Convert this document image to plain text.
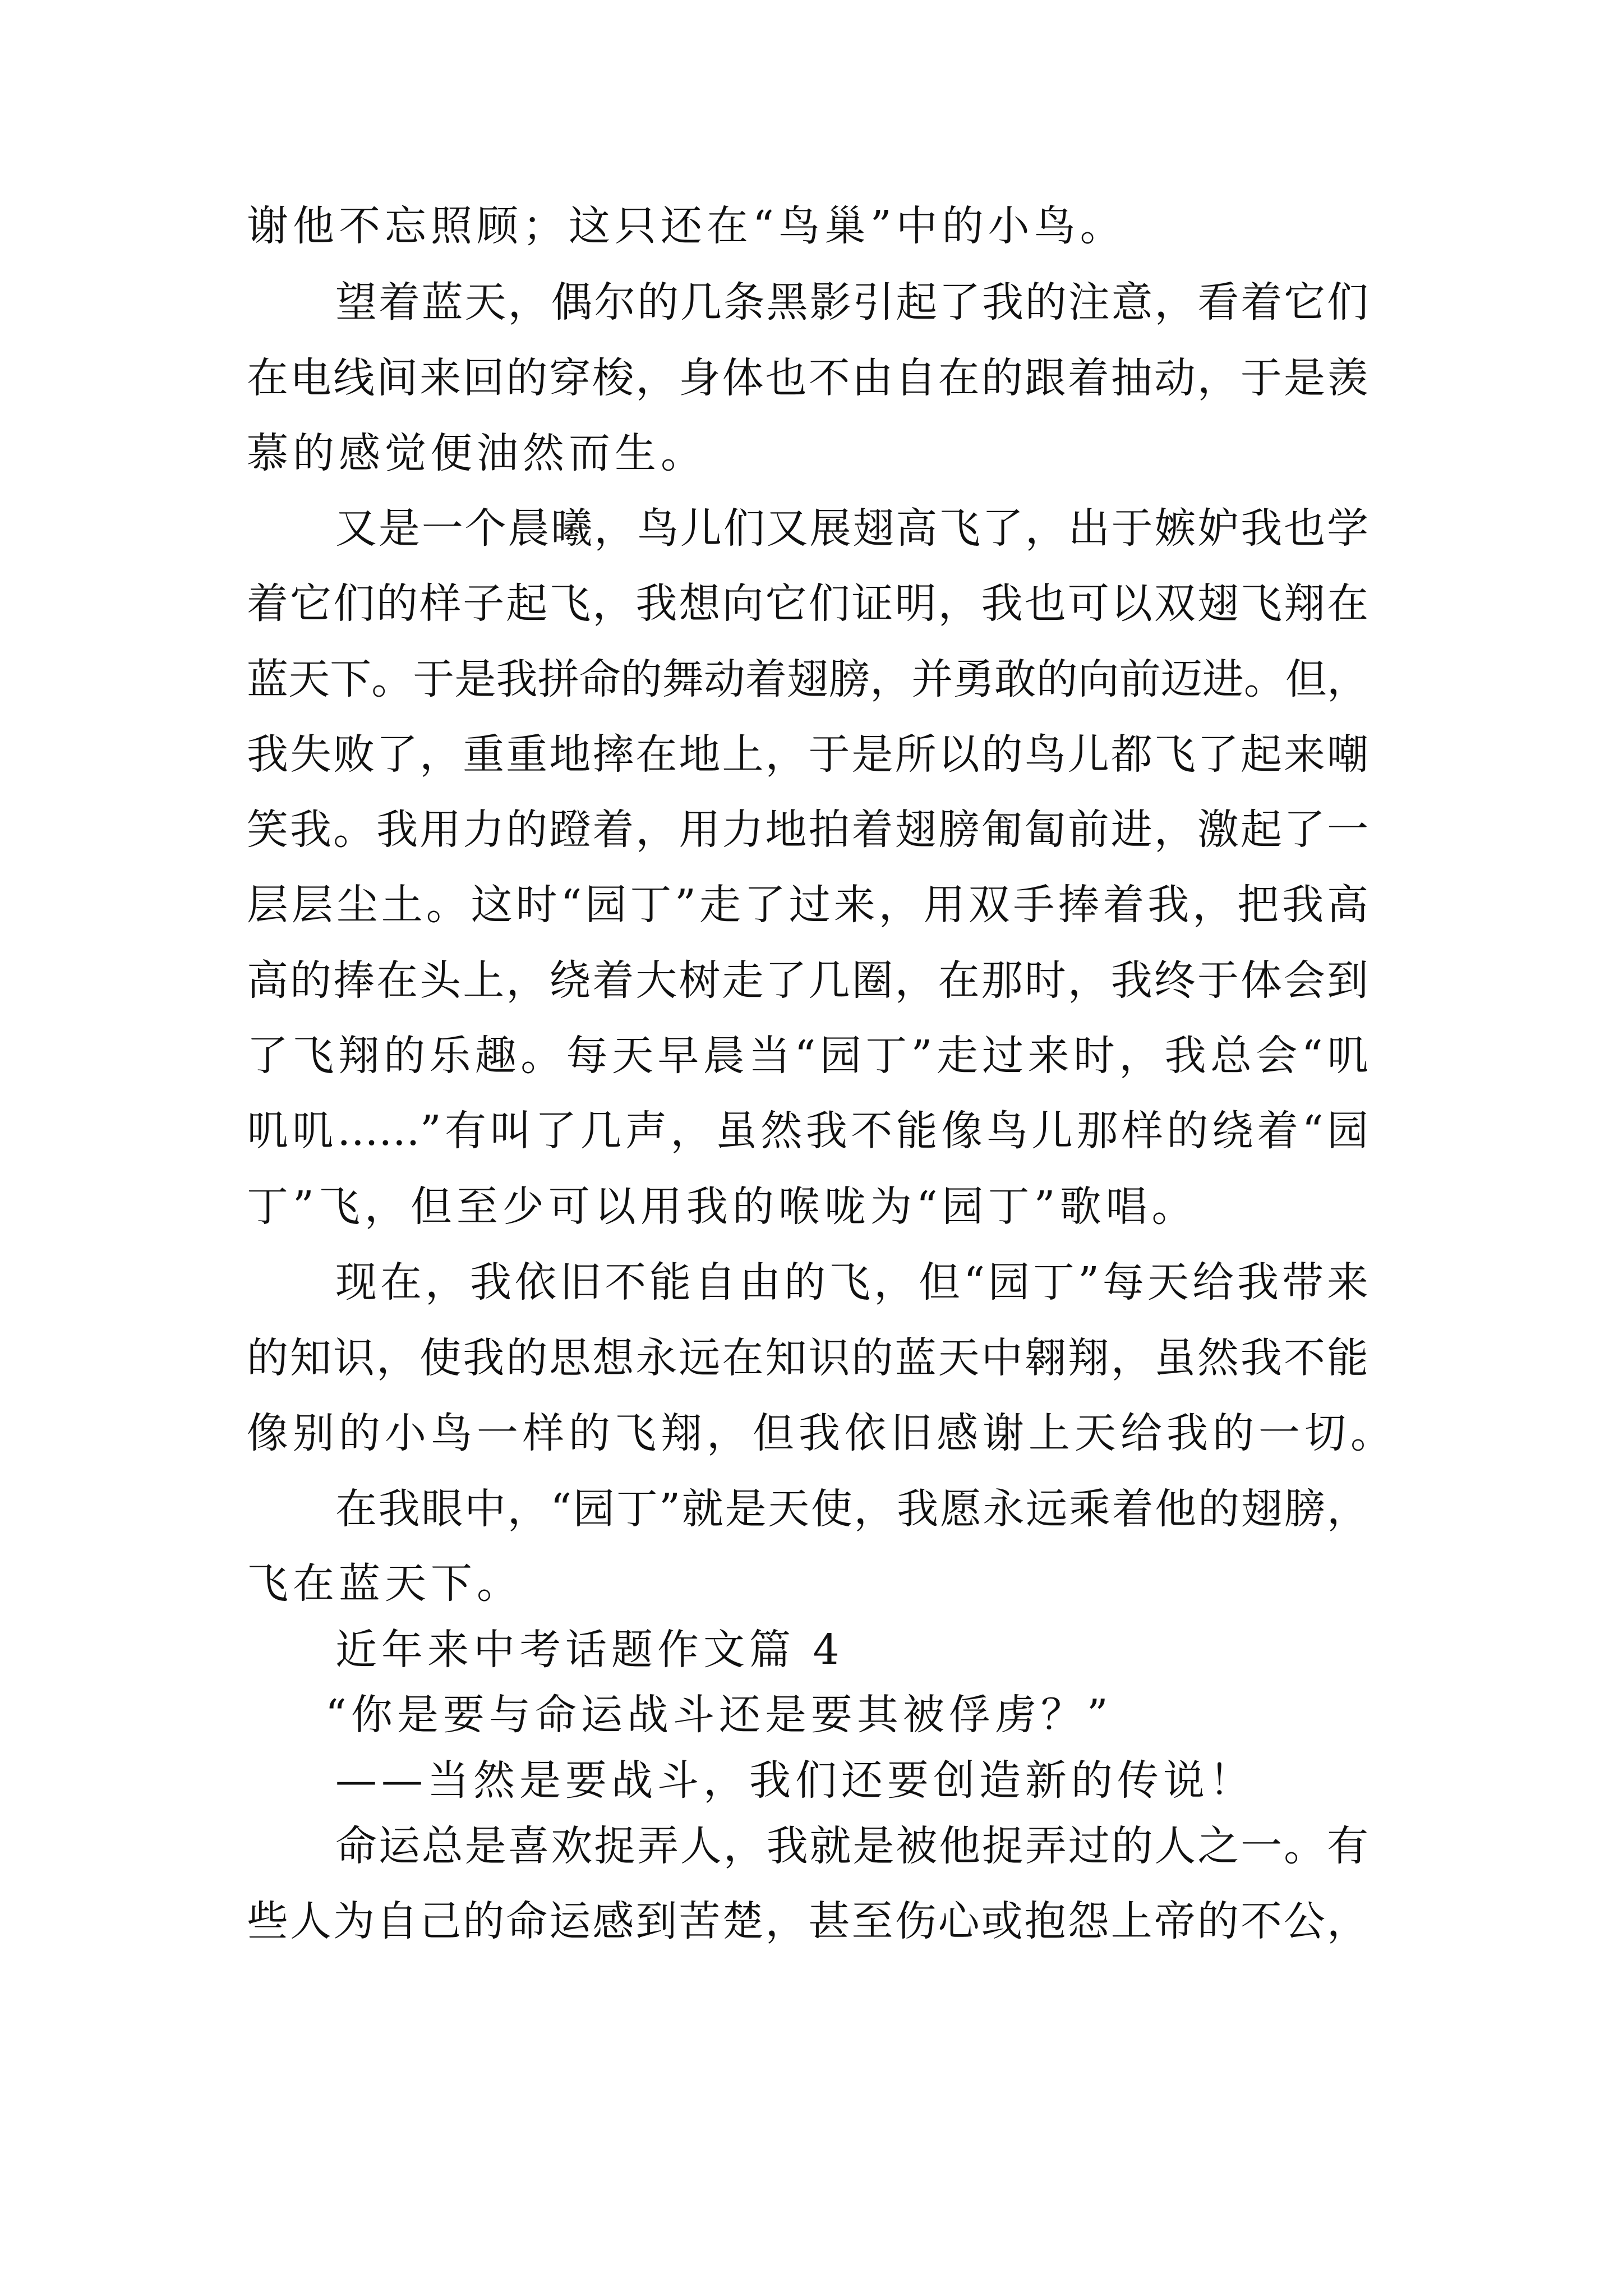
谢他不忘照顾；这只还在“鸟巢”中的小鸟。
望着蓝天，偶尔的几条黑影引起了我的注意，看着它们
在电线间来回的穿梭，身体也不由自在的跟着抽动，于是羡
慕的感觉便油然而生。
又是一个晨曦，鸟儿们又展翅高飞了，出于嫉妒我也学
着它们的样子起飞，我想向它们证明，我也可以双翅飞翔在
蓝天下。于是我拼命的舞动着翅膀，并勇敢的向前迈进。但，
我失败了，重重地摔在地上，于是所以的鸟儿都飞了起来嘲
笑我。我用力的蹬着，用力地拍着翅膀匍匐前进，激起了一
层层尘土。这时“园丁”走了过来，用双手捧着我，把我高
高的捧在头上，绕着大树走了几圈，在那时，我终于体会到
了飞翔的乐趣。每天早晨当“园丁”走过来时，我总会“叽
叽叽……”有叫了几声，虽然我不能像鸟儿那样的绕着“园
丁”飞，但至少可以用我的喉咙为“园丁”歌唱。
现在，我依旧不能自由的飞，但“园丁”每天给我带来
的知识，使我的思想永远在知识的蓝天中翱翔，虽然我不能
像别的小鸟一样的飞翔，但我依旧感谢上天给我的一切。
在我眼中，“园丁”就是天使，我愿永远乘着他的翅膀，
飞在蓝天下。
近年来中考话题作文篇 4
“你是要与命运战斗还是要其被俘虏？”
——当然是要战斗，我们还要创造新的传说！
命运总是喜欢捉弄人，我就是被他捉弄过的人之一。有
些人为自己的命运感到苦楚，甚至伤心或抱怨上帝的不公，
